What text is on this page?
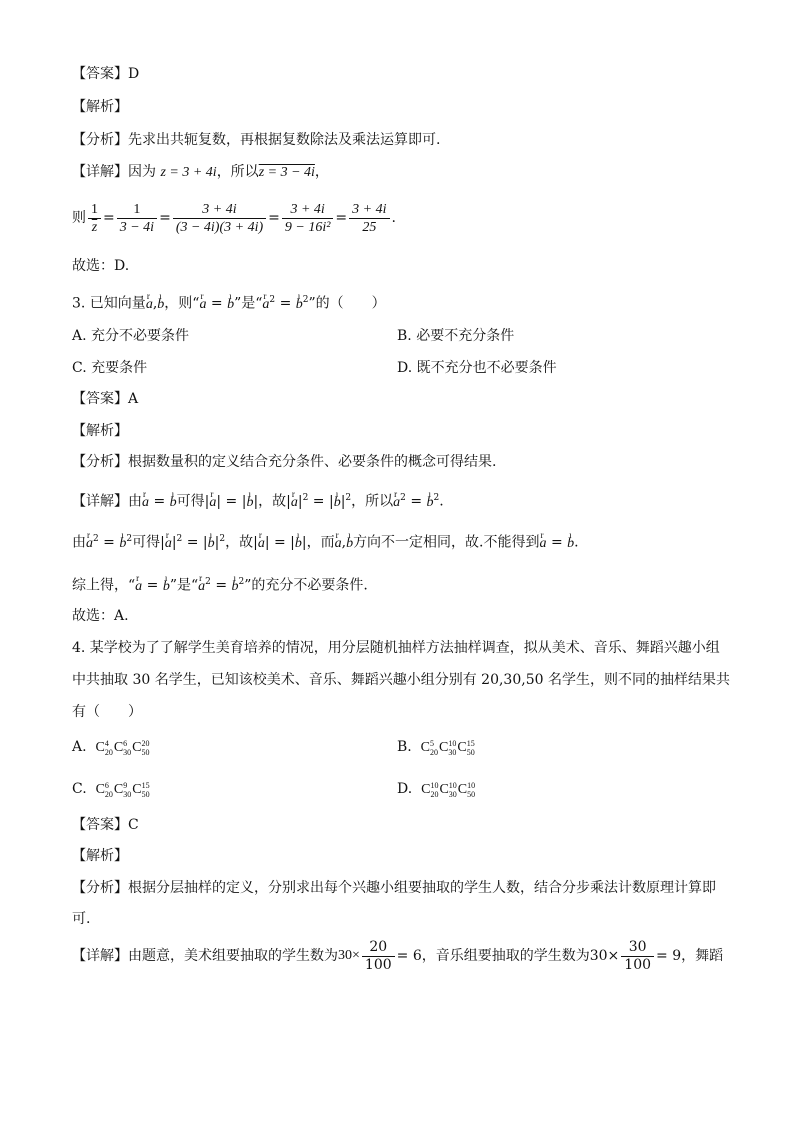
【答案】D
【解析】
【分析】先求出共轭复数，再根据复数除法及乘法运算即可.
【详解】因为 z = 3 + 4i，所以z = 3 − 4i，
则 $\frac{1}{z} = \frac{1}{3 - 4i} = \frac{3 + 4i}{(3 - 4i)(3 + 4i)} = \frac{3 + 4i}{\text{9 − 16i²}} = \frac{3 + 4i}{25}$ .
故选：D.
3. 已知向量r a,ı b，则“r a = ı b”是“r $a^2$ = ı $b^2$”的（　　）
A. 充分不必要条件	B. 必要不充分条件
C. 充要条件	D. 既不充分也不必要条件
【答案】A
【解析】
【分析】根据数量积的定义结合充分条件、必要条件的概念可得结果.
【详解】由r a = ı b可得|r a| = |ı b|，故|r $a|^2$ = |ı $b|^2$，所以r $a^2$ = ı $b^2$.
由r $a^2$ = ı $b^2$可得|r $a|^2$ = |ı $b|^2$，故|r a| = |ı b|，而r a,ı b方向不一定相同，故.不能得到r a = ı b.
综上得，“r a = ı b”是“r $a^2$ = ı $b^2$”的充分不必要条件.
故选：A.
4. 某学校为了了解学生美育培养的情况，用分层随机抽样方法抽样调查，拟从美术、音乐、舞蹈兴趣小组
中共抽取 30 名学生，已知该校美术、音乐、舞蹈兴趣小组分别有 20,30,50 名学生，则不同的抽样结果共
有（　　）
A. C 4
20 C 6
30 C 20
50	B. C 5
20 C 10
30 C 15
50
C. C 6
20 C 9
30 C 15
50	D. C 10
20 C 10
30 C 10
50
【答案】C
【解析】
【分析】根据分层抽样的定义，分别求出每个兴趣小组要抽取的学生人数，结合分步乘法计数原理计算即
可.
【详解】 由题意，美术组要抽取的学生数为 $30\times \frac{20}{100} = 6$ ，音乐组要抽取的学生数为 $30\times \frac{30}{100} = 9$ ，舞蹈
